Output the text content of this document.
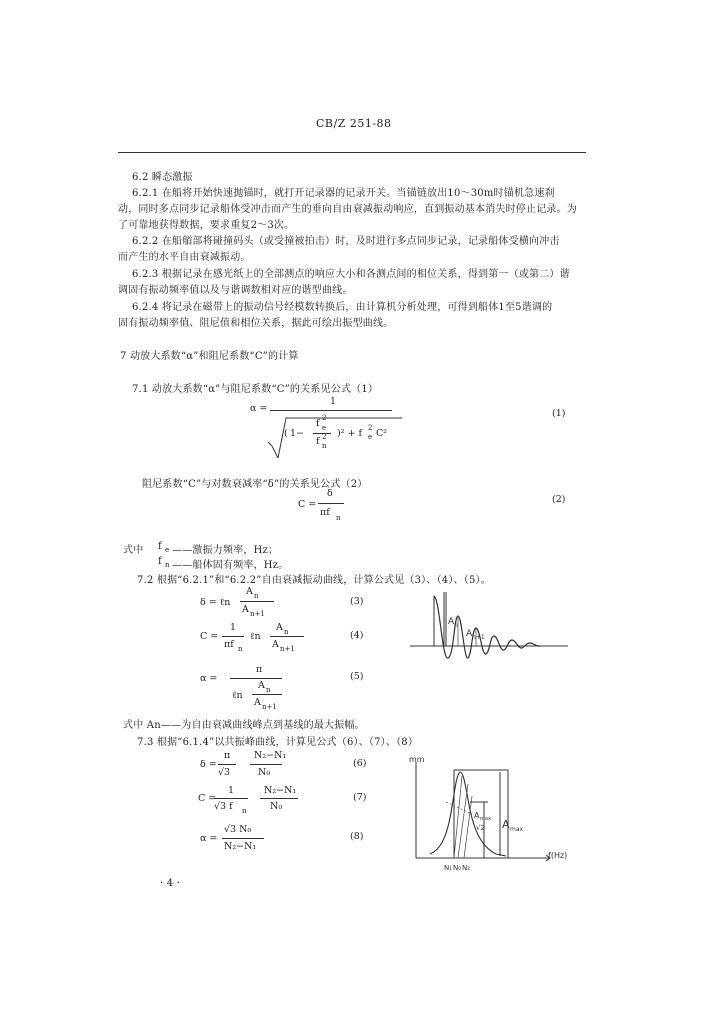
CB/Z 251-88
6.2 瞬态激振
6.2.1 在船将开始快速抛锚时，就打开记录器的记录开关。当锚链放出10～30m时锚机急速刹
动，同时多点同步记录船体受冲击而产生的垂向自由衰减振动响应，直到振动基本消失时停止记录。为
了可靠地获得数据，要求重复2～3次。
6.2.2 在船艏部将碰撞码头（或受撞被拍击）时，及时进行多点同步记录，记录船体受横向冲击
而产生的水平自由衰减振动。
6.2.3 根据记录在感光纸上的全部测点的响应大小和各测点间的相位关系，得到第一（或第二）谐
调固有振动频率值以及与谐调数相对应的谐型曲线。
6.2.4 将记录在磁带上的振动信号经模数转换后，由计算机分析处理，可得到船体1至5谐调的
固有振动频率值、阻尼值和相位关系，据此可绘出振型曲线。
7 动放大系数“α”和阻尼系数“C”的计算
7.1 动放大系数“α”与阻尼系数“C”的关系见公式（1）
α =
1
( 1−
f 2
e
f 2
n
)² + f 2
e C²
(1)
阻尼系数“C”与对数衰减率“δ”的关系见公式（2）
C =
δ
πf n
(2)
式中 f e ——激振力频率，Hz；
f n ——船体固有频率，Hz。
7.2 根据“6.2.1”和“6.2.2”自由衰减振动曲线，计算公式见（3）、（4）、（5）。
δ = ℓn
A n
A n+1
(3)
C =
1
πf n
ℓn
A n
A n+1
(4)
α =
π
ℓn
A n
A n+1
(5)
A n
A n+1
式中 An——为自由衰减曲线峰点到基线的最大振幅。
7.3 根据“6.1.4”以共振峰曲线，计算见公式（6）、（7）、（8）
δ =
π
√3
N₂−N₁
N₀
(6)
C =
1
√3 f n
N₂−N₁
N₀
(7)
α =
√3 N₀
N₂−N₁
(8)
mm
f(Hz)
A max
√2 A max
N₁ N₀ N₂
· 4 ·
